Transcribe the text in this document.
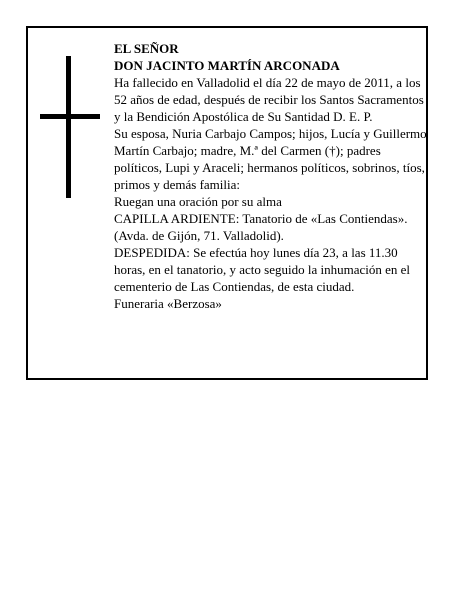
EL SEÑOR

DON JACINTO MARTÍN ARCONADA

Ha fallecido en Valladolid el día 22 de mayo de 2011, a los 52 años de edad, después de recibir los Santos Sacramentos y la Bendición Apostólica de Su Santidad D. E. P.

Su esposa, Nuria Carbajo Campos; hijos, Lucía y Guillermo Martín Carbajo; madre, M.ª del Carmen (†); padres políticos, Lupi y Araceli; hermanos políticos, sobrinos, tíos, primos y demás familia:

Ruegan una oración por su alma

CAPILLA ARDIENTE: Tanatorio de «Las Contiendas». (Avda. de Gijón, 71. Valladolid).

DESPEDIDA: Se efectúa hoy lunes día 23, a las 11.30 horas, en el tanatorio, y acto seguido la inhumación en el cementerio de Las Contiendas, de esta ciudad.

Funeraria «Berzosa»
